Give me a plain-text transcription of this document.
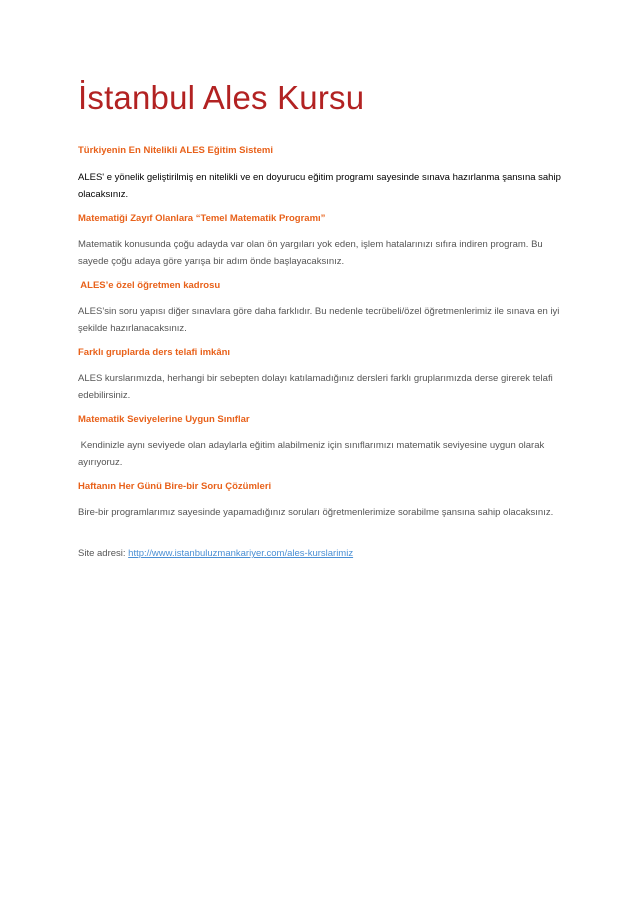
İstanbul Ales Kursu
Türkiyenin En Nitelikli ALES Eğitim Sistemi
ALES' e yönelik geliştirilmiş en nitelikli ve en doyurucu eğitim programı sayesinde sınava hazırlanma şansına sahip olacaksınız.
Matematiği Zayıf Olanlara “Temel Matematik Programı”
Matematik konusunda çoğu adayda var olan ön yargıları yok eden, işlem hatalarınızı sıfıra indiren program. Bu sayede çoğu adaya göre yarışa bir adım önde başlayacaksınız.
ALES’e özel öğretmen kadrosu
ALES’sin soru yapısı diğer sınavlara göre daha farklıdır. Bu nedenle tecrübeli/özel öğretmenlerimiz ile sınava en iyi şekilde hazırlanacaksınız.
Farklı gruplarda ders telafi imkânı
ALES kurslarımızda, herhangi bir sebepten dolayı katılamadığınız dersleri farklı gruplarımızda derse girerek telafi edebilirsiniz.
Matematik Seviyelerine Uygun Sınıflar
Kendinizle aynı seviyede olan adaylarla eğitim alabilmeniz için sınıflarımızı matematik seviyesine uygun olarak ayırıyoruz.
Haftanın Her Günü Bire-bir Soru Çözümleri
Bire-bir programlarımız sayesinde yapamadığınız soruları öğretmenlerimize sorabilme şansına sahip olacaksınız.
Site adresi: http://www.istanbuluzmankariyer.com/ales-kurslarimiz
